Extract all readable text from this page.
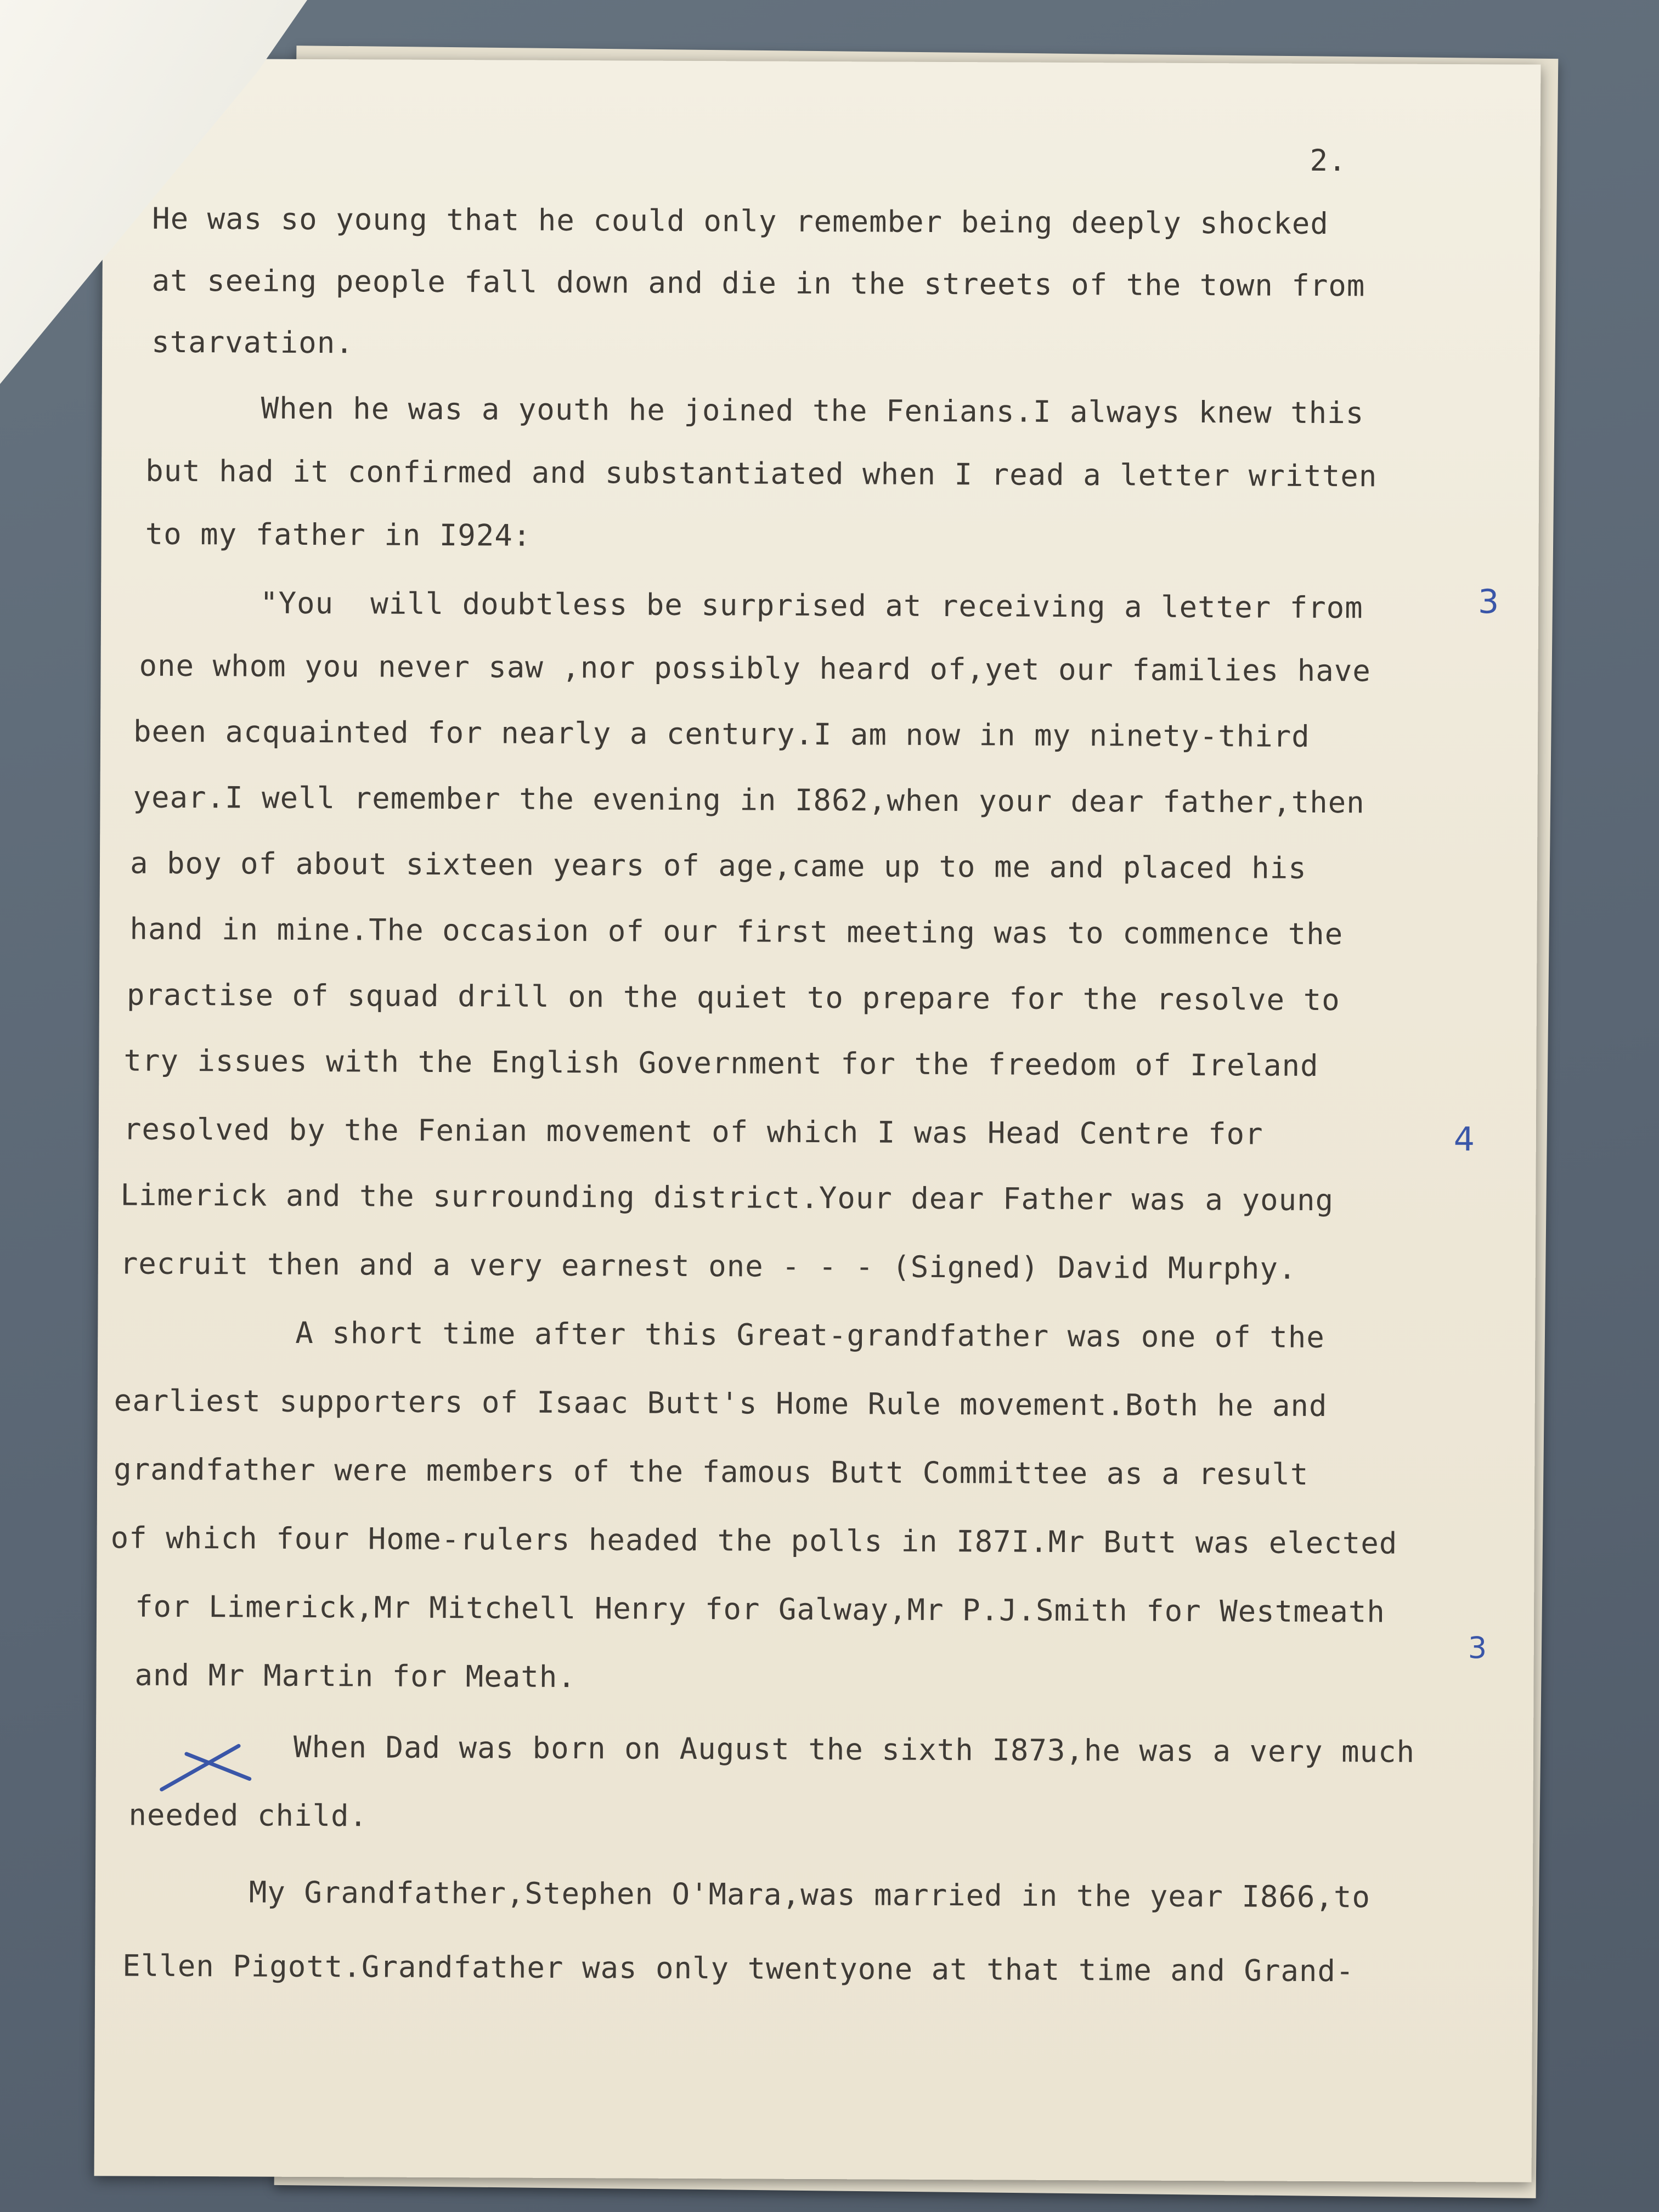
2.
He was so young that he could only remember being deeply shocked
at seeing people fall down and die in the streets of the town from
starvation.
When he was a youth he joined the Fenians.I always knew this
but had it confirmed and substantiated when I read a letter written
to my father in I924:
"You  will doubtless be surprised at receiving a letter from
one whom you never saw ,nor possibly heard of,yet our families have
been acquainted for nearly a century.I am now in my ninety-third
year.I well remember the evening in I862,when your dear father,then
a boy of about sixteen years of age,came up to me and placed his
hand in mine.The occasion of our first meeting was to commence the
practise of squad drill on the quiet to prepare for the resolve to
try issues with the English Government for the freedom of Ireland
resolved by the Fenian movement of which I was Head Centre for
Limerick and the surrounding district.Your dear Father was a young
recruit then and a very earnest one - - - (Signed) David Murphy.
A short time after this Great-grandfather was one of the
earliest supporters of Isaac Butt's Home Rule movement.Both he and
grandfather were members of the famous Butt Committee as a result
of which four Home-rulers headed the polls in I87I.Mr Butt was elected
for Limerick,Mr Mitchell Henry for Galway,Mr P.J.Smith for Westmeath
and Mr Martin for Meath.
When Dad was born on August the sixth I873,he was a very much
needed child.
My Grandfather,Stephen O'Mara,was married in the year I866,to
Ellen Pigott.Grandfather was only twentyone at that time and Grand-
3
4
3
